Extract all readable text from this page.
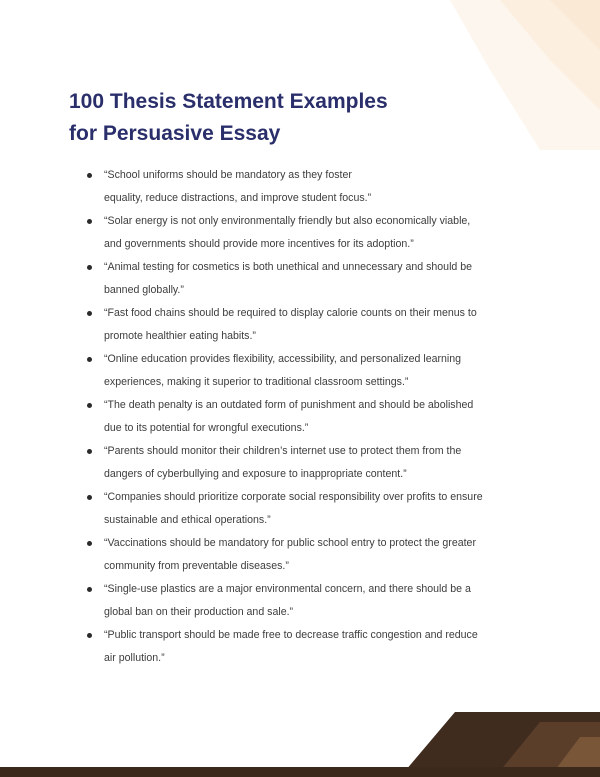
100 Thesis Statement Examples
for Persuasive Essay
“School uniforms should be mandatory as they foster
equality, reduce distractions, and improve student focus.”
“Solar energy is not only environmentally friendly but also economically viable,
and governments should provide more incentives for its adoption.”
“Animal testing for cosmetics is both unethical and unnecessary and should be
banned globally.”
“Fast food chains should be required to display calorie counts on their menus to
promote healthier eating habits.”
“Online education provides flexibility, accessibility, and personalized learning
experiences, making it superior to traditional classroom settings.”
“The death penalty is an outdated form of punishment and should be abolished
due to its potential for wrongful executions.”
“Parents should monitor their children’s internet use to protect them from the
dangers of cyberbullying and exposure to inappropriate content.”
“Companies should prioritize corporate social responsibility over profits to ensure
sustainable and ethical operations.”
“Vaccinations should be mandatory for public school entry to protect the greater
community from preventable diseases.”
“Single-use plastics are a major environmental concern, and there should be a
global ban on their production and sale.”
“Public transport should be made free to decrease traffic congestion and reduce
air pollution.”
